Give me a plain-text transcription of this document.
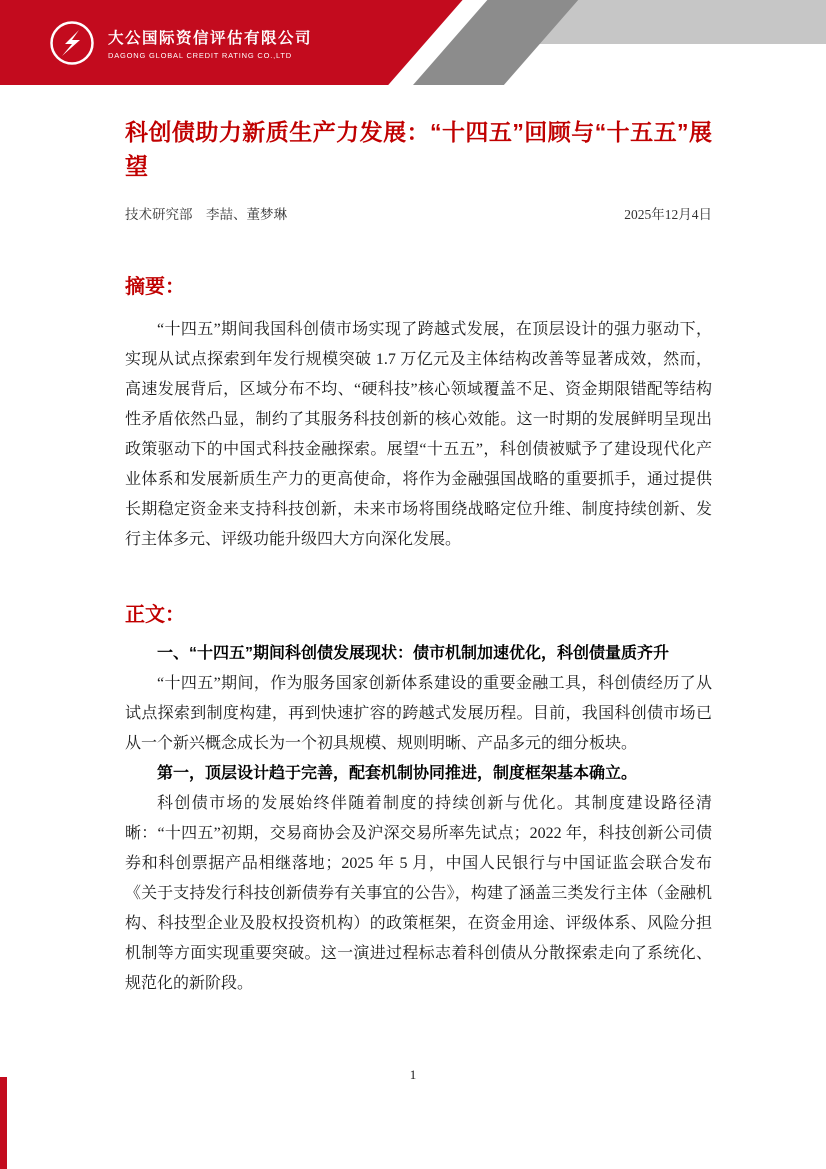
大公国际资信评估有限公司
DAGONG GLOBAL CREDIT RATING CO.,LTD
科创债助力新质生产力发展：“十四五”回顾与“十五五”展望
技术研究部　李喆、董梦琳	2025年12月4日
摘要：

“十四五”期间我国科创债市场实现了跨越式发展，在顶层设计的强力驱动下，实现从试点探索到年发行规模突破 1.7 万亿元及主体结构改善等显著成效，然而，高速发展背后，区域分布不均、“硬科技”核心领域覆盖不足、资金期限错配等结构性矛盾依然凸显，制约了其服务科技创新的核心效能。这一时期的发展鲜明呈现出政策驱动下的中国式科技金融探索。展望“十五五”，科创债被赋予了建设现代化产业体系和发展新质生产力的更高使命，将作为金融强国战略的重要抓手，通过提供长期稳定资金来支持科技创新，未来市场将围绕战略定位升维、制度持续创新、发行主体多元、评级功能升级四大方向深化发展。

正文：
一、“十四五”期间科创债发展现状：债市机制加速优化，科创债量质齐升

“十四五”期间，作为服务国家创新体系建设的重要金融工具，科创债经历了从试点探索到制度构建，再到快速扩容的跨越式发展历程。目前，我国科创债市场已从一个新兴概念成长为一个初具规模、规则明晰、产品多元的细分板块。

第一，顶层设计趋于完善，配套机制协同推进，制度框架基本确立。

科创债市场的发展始终伴随着制度的持续创新与优化。其制度建设路径清晰：“十四五”初期，交易商协会及沪深交易所率先试点；2022 年，科技创新公司债券和科创票据产品相继落地；2025 年 5 月，中国人民银行与中国证监会联合发布《关于支持发行科技创新债券有关事宜的公告》，构建了涵盖三类发行主体（金融机构、科技型企业及股权投资机构）的政策框架，在资金用途、评级体系、风险分担机制等方面实现重要突破。这一演进过程标志着科创债从分散探索走向了系统化、规范化的新阶段。

1
